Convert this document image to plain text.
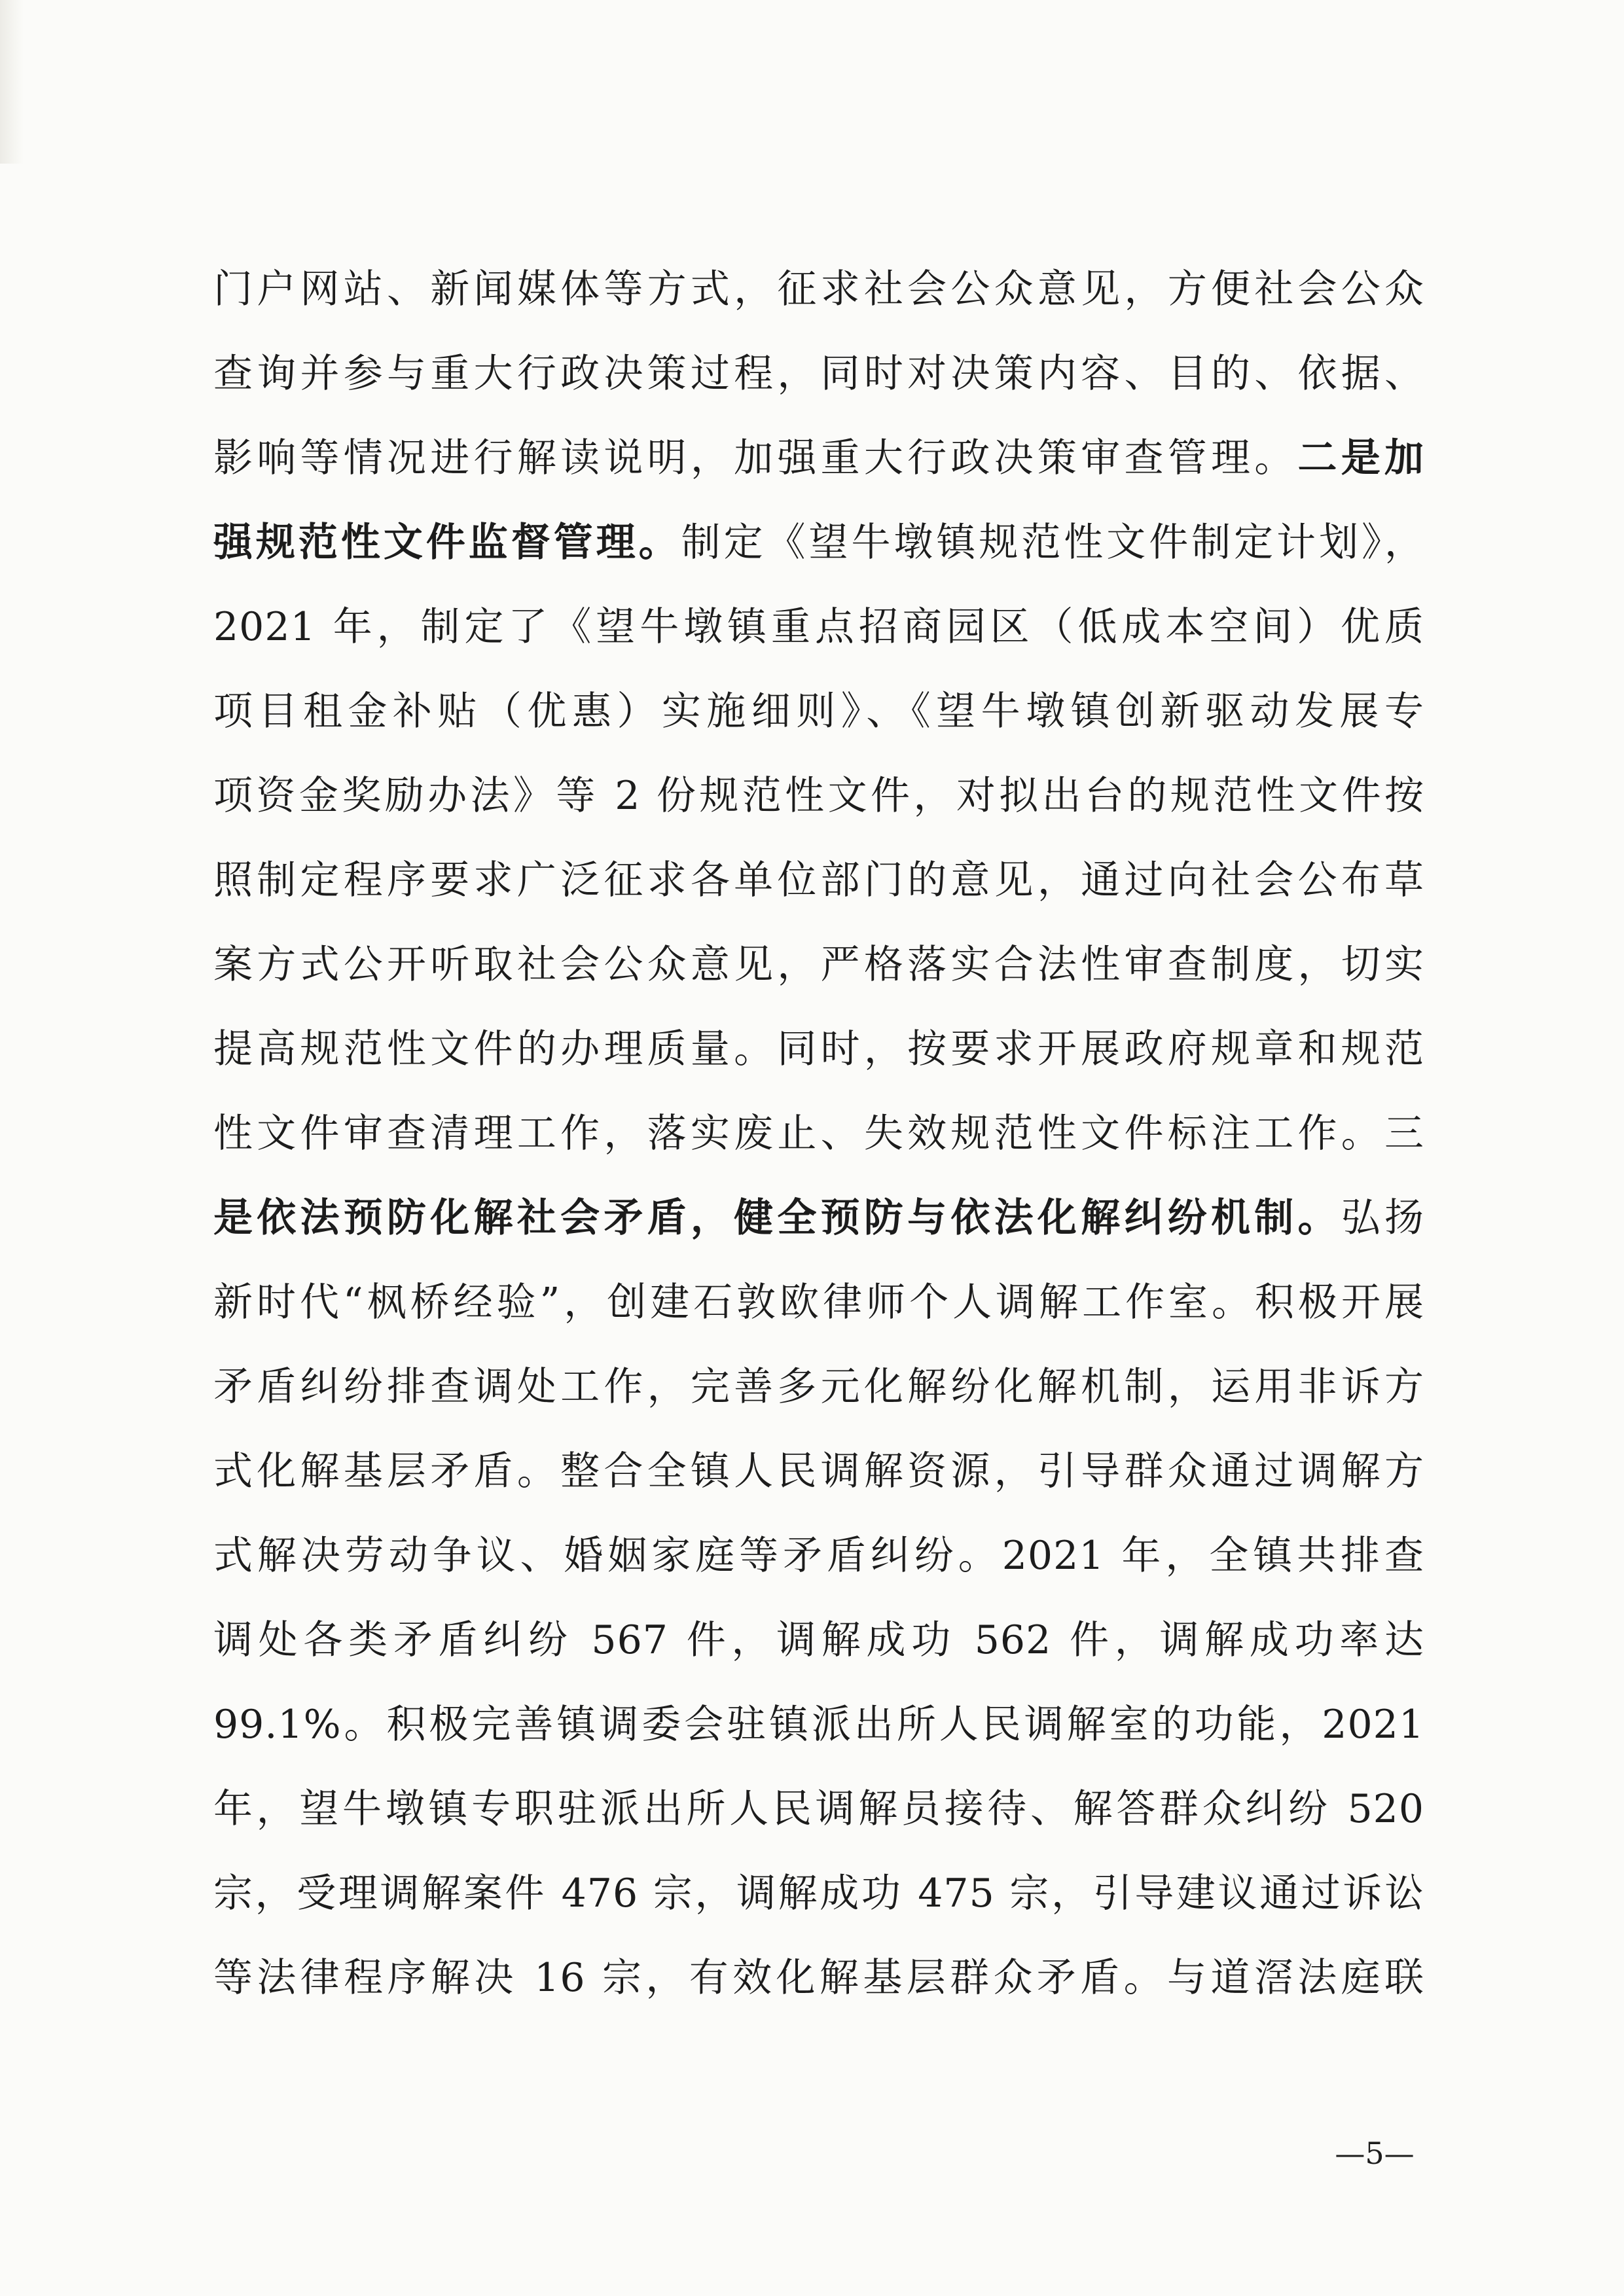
门户网站、新闻媒体等方式，征求社会公众意见，方便社会公众
查询并参与重大行政决策过程，同时对决策内容、目的、依据、
影响等情况进行解读说明，加强重大行政决策审查管理。二是加
强规范性文件监督管理。制定《望牛墩镇规范性文件制定计划》，
2021 年，制定了《望牛墩镇重点招商园区（低成本空间）优质
项目租金补贴（优惠）实施细则》、《望牛墩镇创新驱动发展专
项资金奖励办法》等 2 份规范性文件，对拟出台的规范性文件按
照制定程序要求广泛征求各单位部门的意见，通过向社会公布草
案方式公开听取社会公众意见，严格落实合法性审查制度，切实
提高规范性文件的办理质量。同时，按要求开展政府规章和规范
性文件审查清理工作，落实废止、失效规范性文件标注工作。三
是依法预防化解社会矛盾，健全预防与依法化解纠纷机制。弘扬
新时代“枫桥经验”，创建石敦欧律师个人调解工作室。积极开展
矛盾纠纷排查调处工作，完善多元化解纷化解机制，运用非诉方
式化解基层矛盾。整合全镇人民调解资源，引导群众通过调解方
式解决劳动争议、婚姻家庭等矛盾纠纷。2021 年，全镇共排查
调处各类矛盾纠纷 567 件，调解成功 562 件，调解成功率达
99.1%。积极完善镇调委会驻镇派出所人民调解室的功能，2021
年，望牛墩镇专职驻派出所人民调解员接待、解答群众纠纷 520
宗，受理调解案件 476 宗，调解成功 475 宗，引导建议通过诉讼
等法律程序解决 16 宗，有效化解基层群众矛盾。与道滘法庭联
—5—
